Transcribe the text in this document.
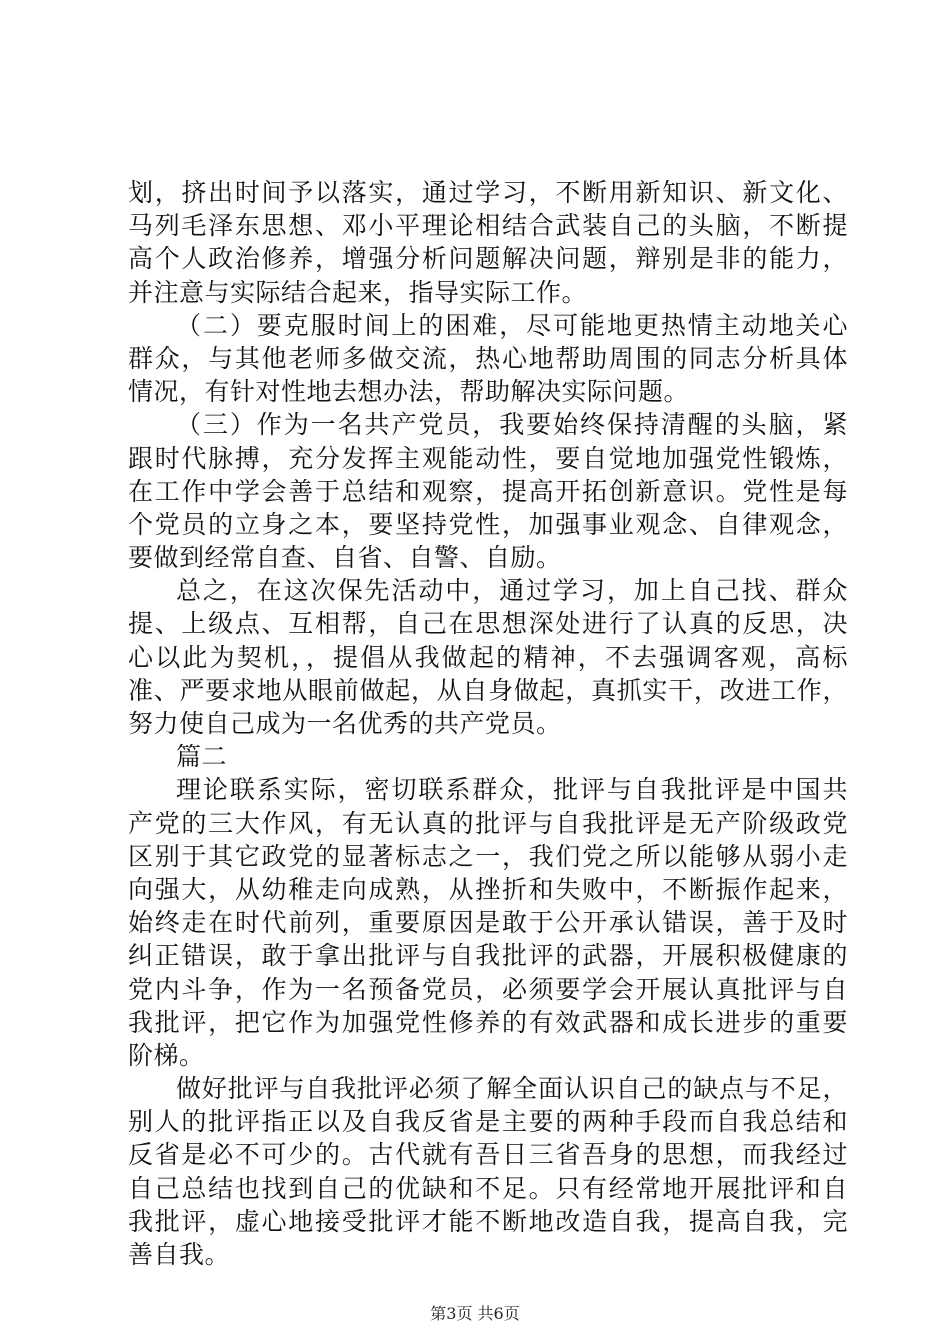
划，挤出时间予以落实，通过学习，不断用新知识、新文化、
马列毛泽东思想、邓小平理论相结合武装自己的头脑，不断提
高个人政治修养，增强分析问题解决问题，辩别是非的能力，
并注意与实际结合起来，指导实际工作。
（二）要克服时间上的困难，尽可能地更热情主动地关心
群众，与其他老师多做交流，热心地帮助周围的同志分析具体
情况，有针对性地去想办法，帮助解决实际问题。
（三）作为一名共产党员，我要始终保持清醒的头脑，紧
跟时代脉搏，充分发挥主观能动性，要自觉地加强党性锻炼，
在工作中学会善于总结和观察，提高开拓创新意识。党性是每
个党员的立身之本，要坚持党性，加强事业观念、自律观念，
要做到经常自查、自省、自警、自励。
总之，在这次保先活动中，通过学习，加上自己找、群众
提、上级点、互相帮，自己在思想深处进行了认真的反思，决
心以此为契机，，提倡从我做起的精神，不去强调客观，高标
准、严要求地从眼前做起，从自身做起，真抓实干，改进工作，
努力使自己成为一名优秀的共产党员。
篇二
理论联系实际，密切联系群众，批评与自我批评是中国共
产党的三大作风，有无认真的批评与自我批评是无产阶级政党
区别于其它政党的显著标志之一，我们党之所以能够从弱小走
向强大，从幼稚走向成熟，从挫折和失败中，不断振作起来，
始终走在时代前列，重要原因是敢于公开承认错误，善于及时
纠正错误，敢于拿出批评与自我批评的武器，开展积极健康的
党内斗争，作为一名预备党员，必须要学会开展认真批评与自
我批评，把它作为加强党性修养的有效武器和成长进步的重要
阶梯。
做好批评与自我批评必须了解全面认识自己的缺点与不足，
别人的批评指正以及自我反省是主要的两种手段而自我总结和
反省是必不可少的。古代就有吾日三省吾身的思想，而我经过
自己总结也找到自己的优缺和不足。只有经常地开展批评和自
我批评，虚心地接受批评才能不断地改造自我，提高自我，完
善自我。
第3页 共6页
